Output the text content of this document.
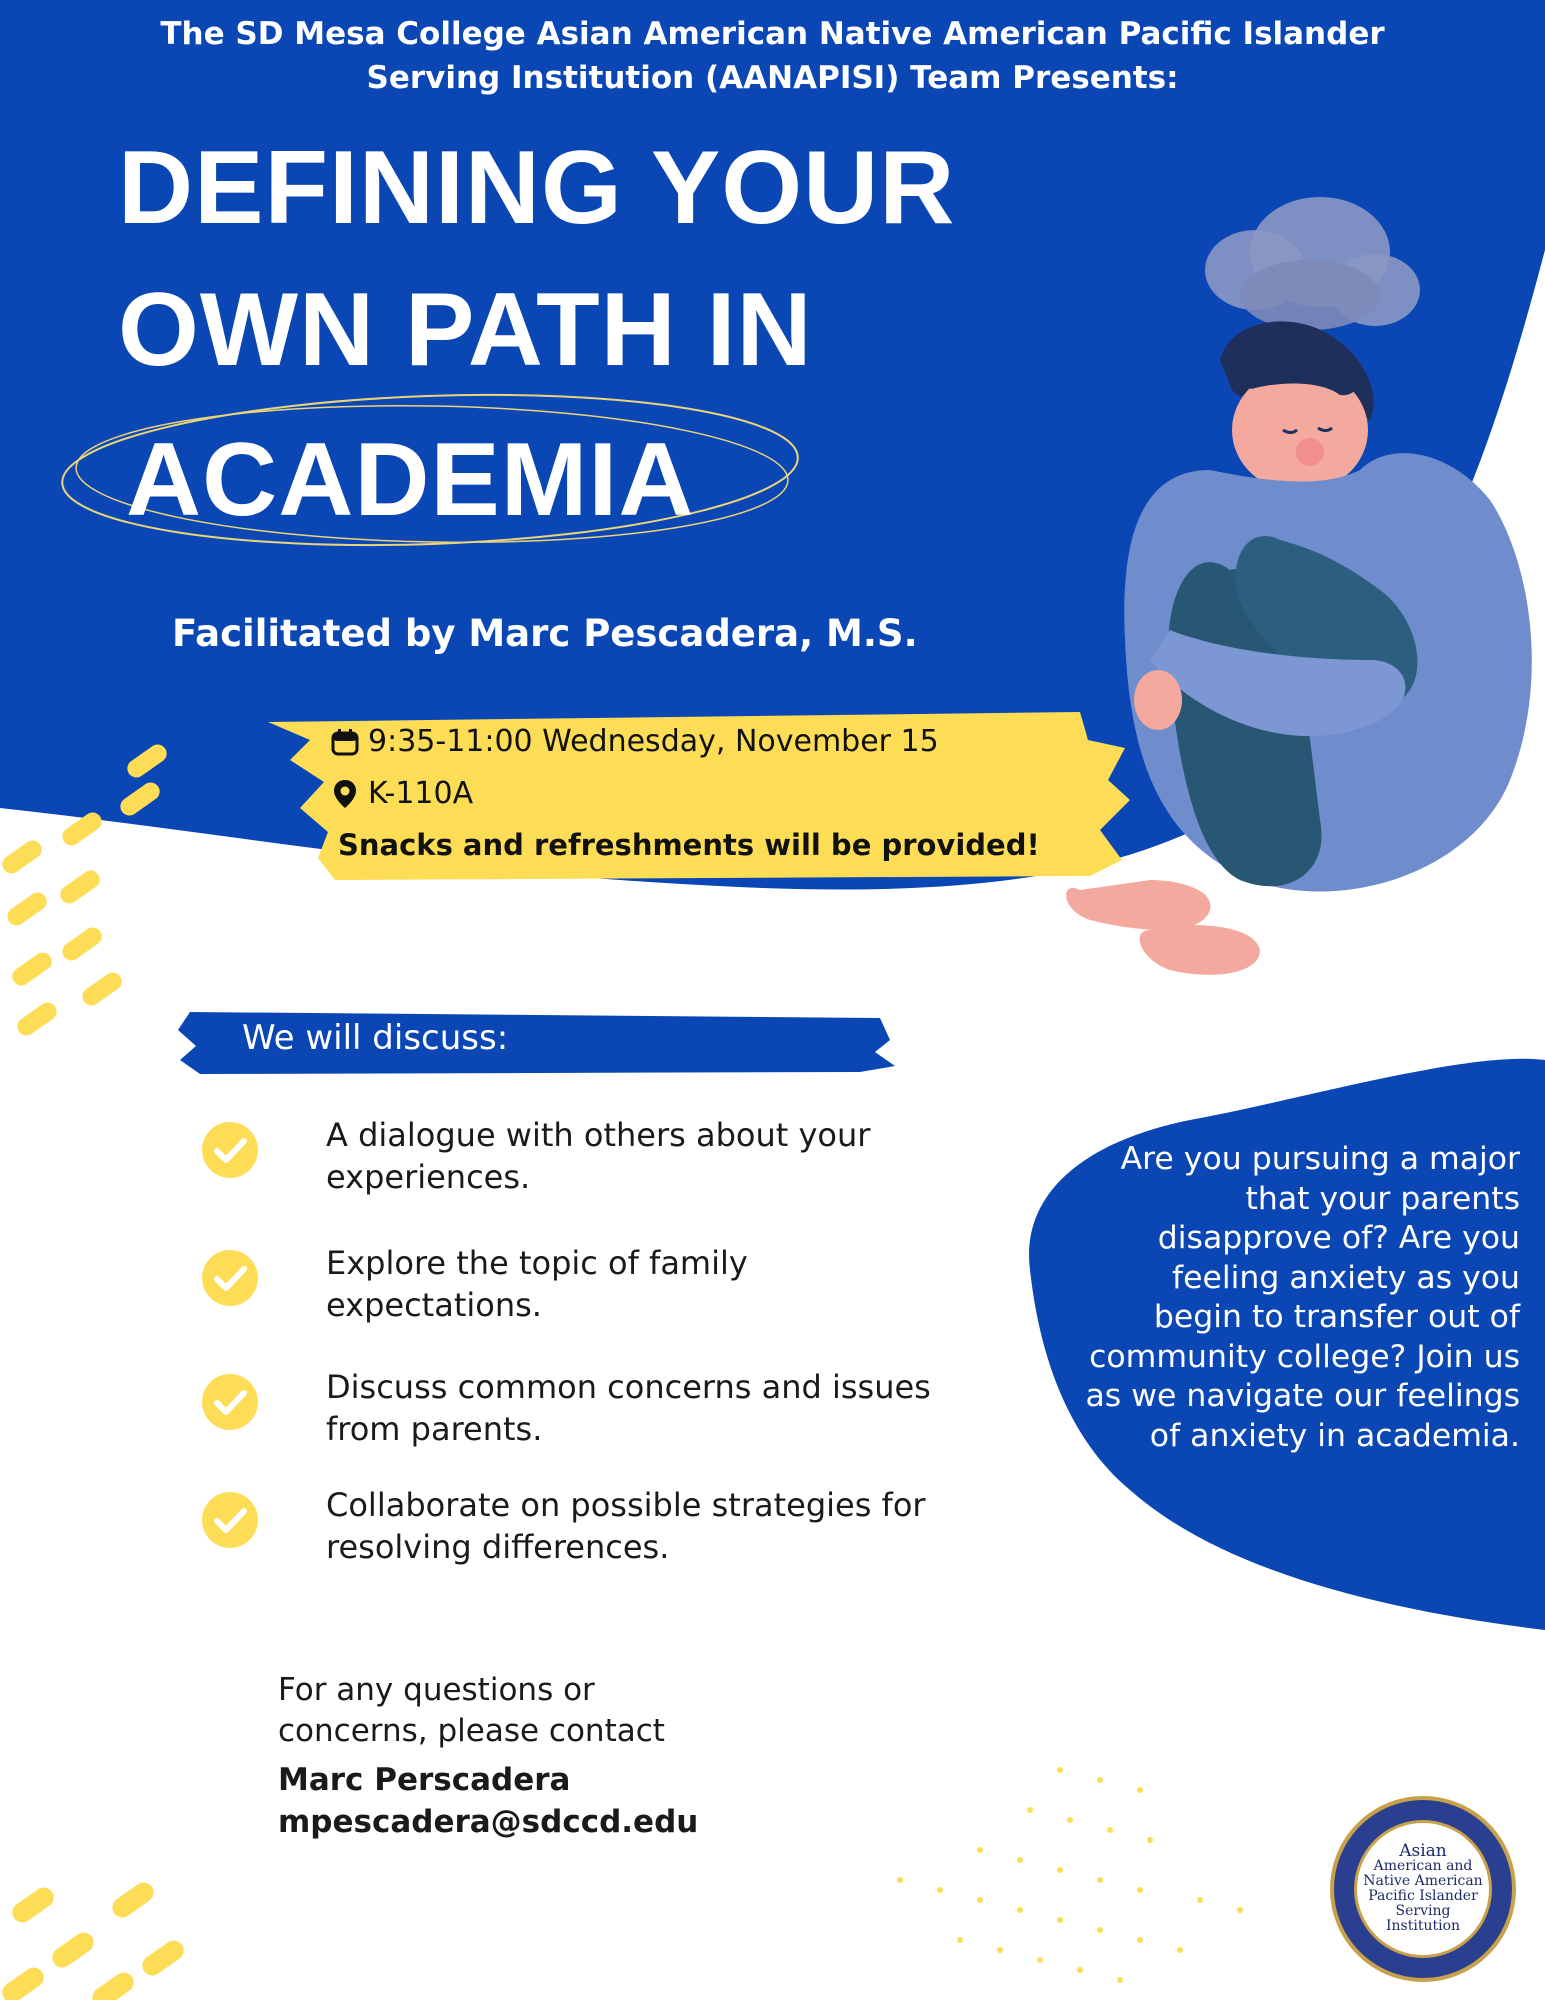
The SD Mesa College Asian American Native American Pacific Islander
Serving Institution (AANAPISI) Team Presents:
DEFINING YOUR
OWN PATH IN
ACADEMIA
Facilitated by Marc Pescadera, M.S.
9:35-11:00 Wednesday, November 15
K-110A
Snacks and refreshments will be provided!
We will discuss:
A dialogue with others about your experiences.
Explore the topic of family expectations.
Discuss common concerns and issues from parents.
Collaborate on possible strategies for resolving differences.
Are you pursuing a major that your parents disapprove of? Are you feeling anxiety as you begin to transfer out of community college? Join us as we navigate our feelings of anxiety in academia.
For any questions or concerns, please contact
Marc Perscadera
mpescadera@sdccd.edu
Asian
American and
Native American
Pacific Islander
Serving
Institution
